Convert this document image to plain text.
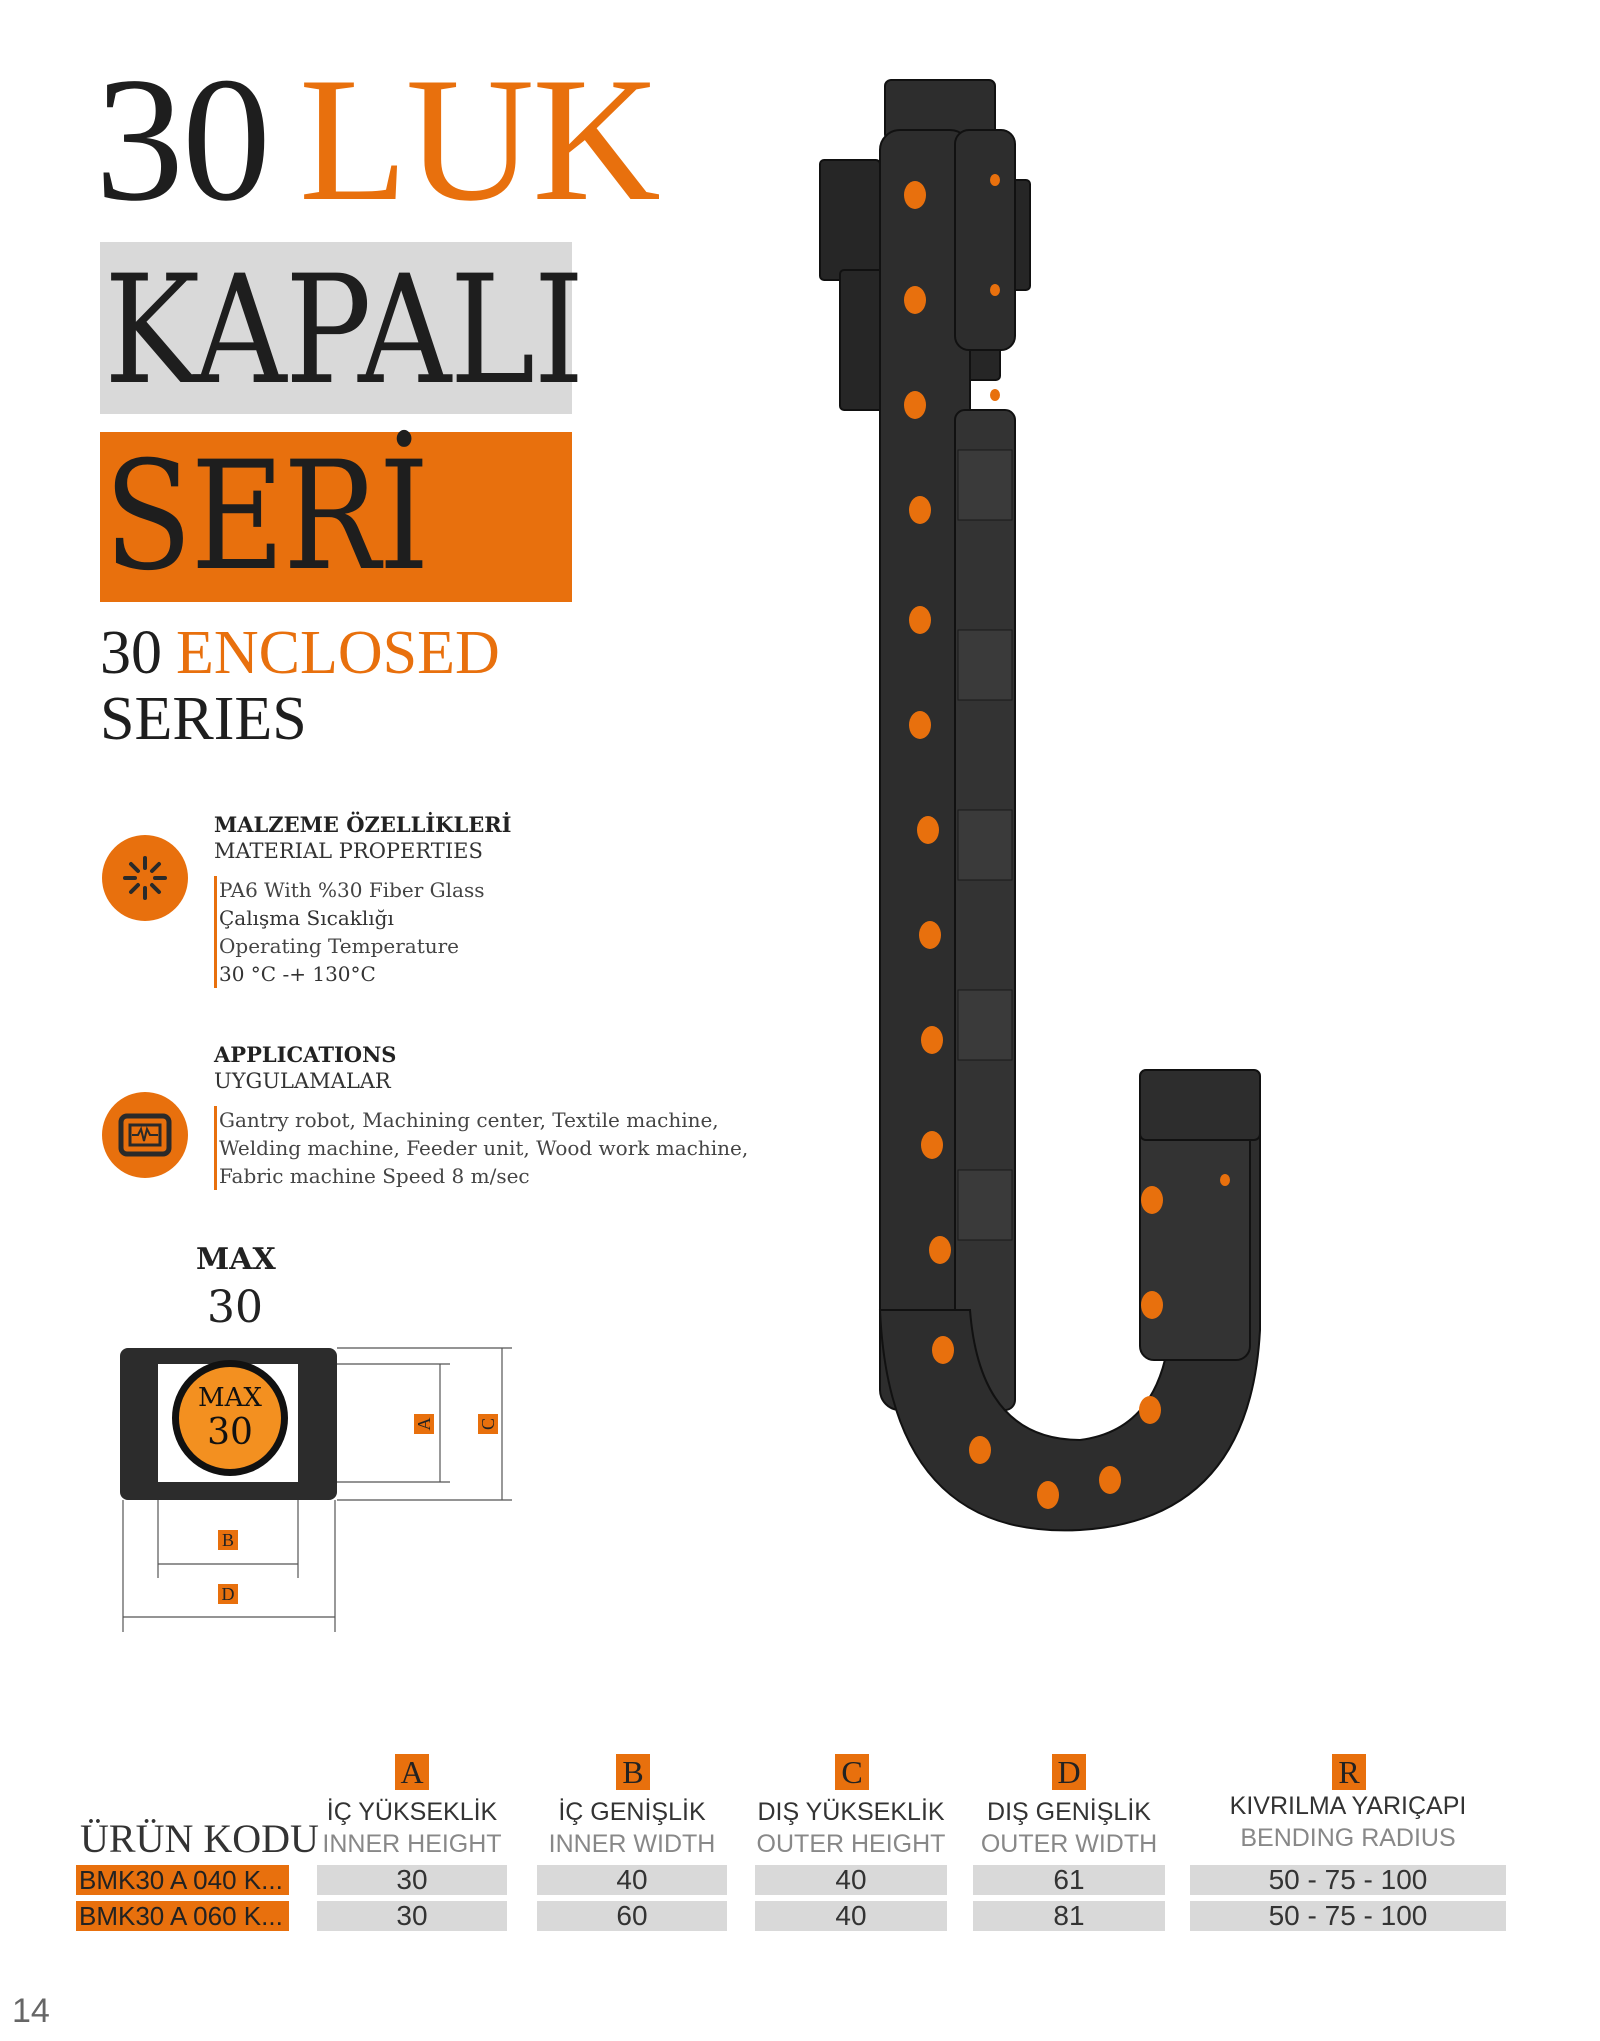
30 LUK
KAPALI
SERİ
30 ENCLOSED
SERIES
MALZEME ÖZELLİKLERİ
MATERIAL PROPERTIES
PA6 With %30 Fiber Glass
Çalışma Sıcaklığı
Operating Temperature
30 °C -+ 130°C
APPLICATIONS
UYGULAMALAR
Gantry robot, Machining center, Textile machine,
Welding machine, Feeder unit, Wood work machine,
Fabric machine Speed 8 m/sec
MAX
30
MAX
30	A C
B
D
ÜRÜN KODU
A	B	C	D	R
İÇ YÜKSEKLİK
INNER HEIGHT
İÇ GENİŞLİK
INNER WIDTH
DIŞ YÜKSEKLİK
OUTER HEIGHT
DIŞ GENİŞLİK
OUTER WIDTH
KIVRILMA YARIÇAPI
BENDING RADIUS
BMK30 A 040 K...	30	40	40	61	50 - 75 - 100
BMK30 A 060 K...	30	60	40	81	50 - 75 - 100
14
